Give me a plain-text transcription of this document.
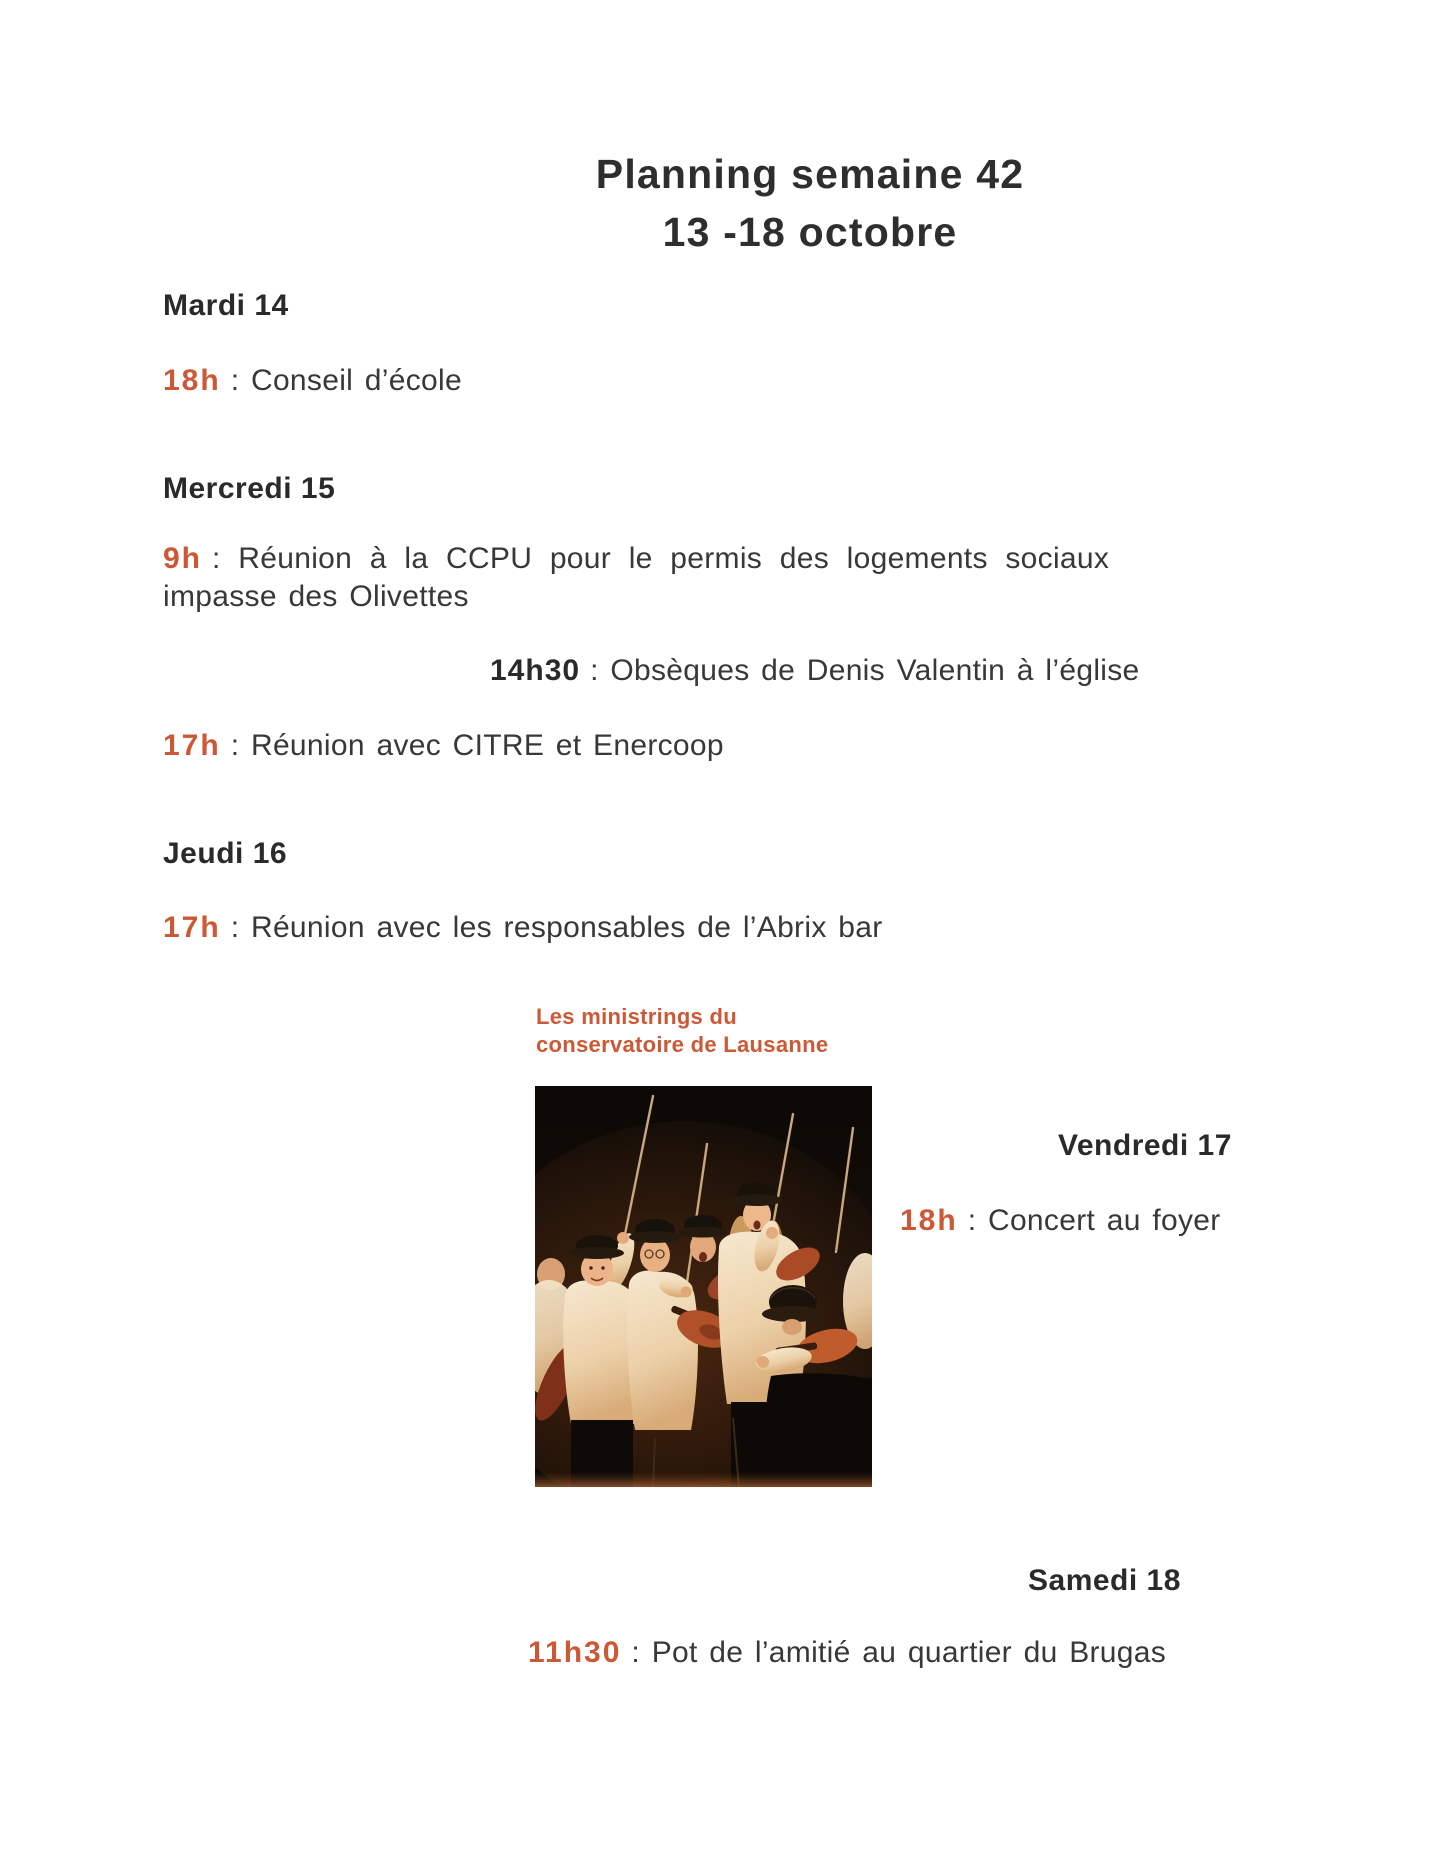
Planning semaine 42
13 -18 octobre
Mardi 14
18h : Conseil d’école
Mercredi 15
9h : Réunion à la CCPU pour le permis des logements sociaux
impasse des Olivettes
14h30 : Obsèques de Denis Valentin à l’église
17h : Réunion avec CITRE et Enercoop
Jeudi 16
17h : Réunion avec les responsables de l’Abrix bar
Les ministrings du
conservatoire de Lausanne
Vendredi 17
18h : Concert au foyer
Samedi 18
11h30 : Pot de l’amitié au quartier du Brugas
